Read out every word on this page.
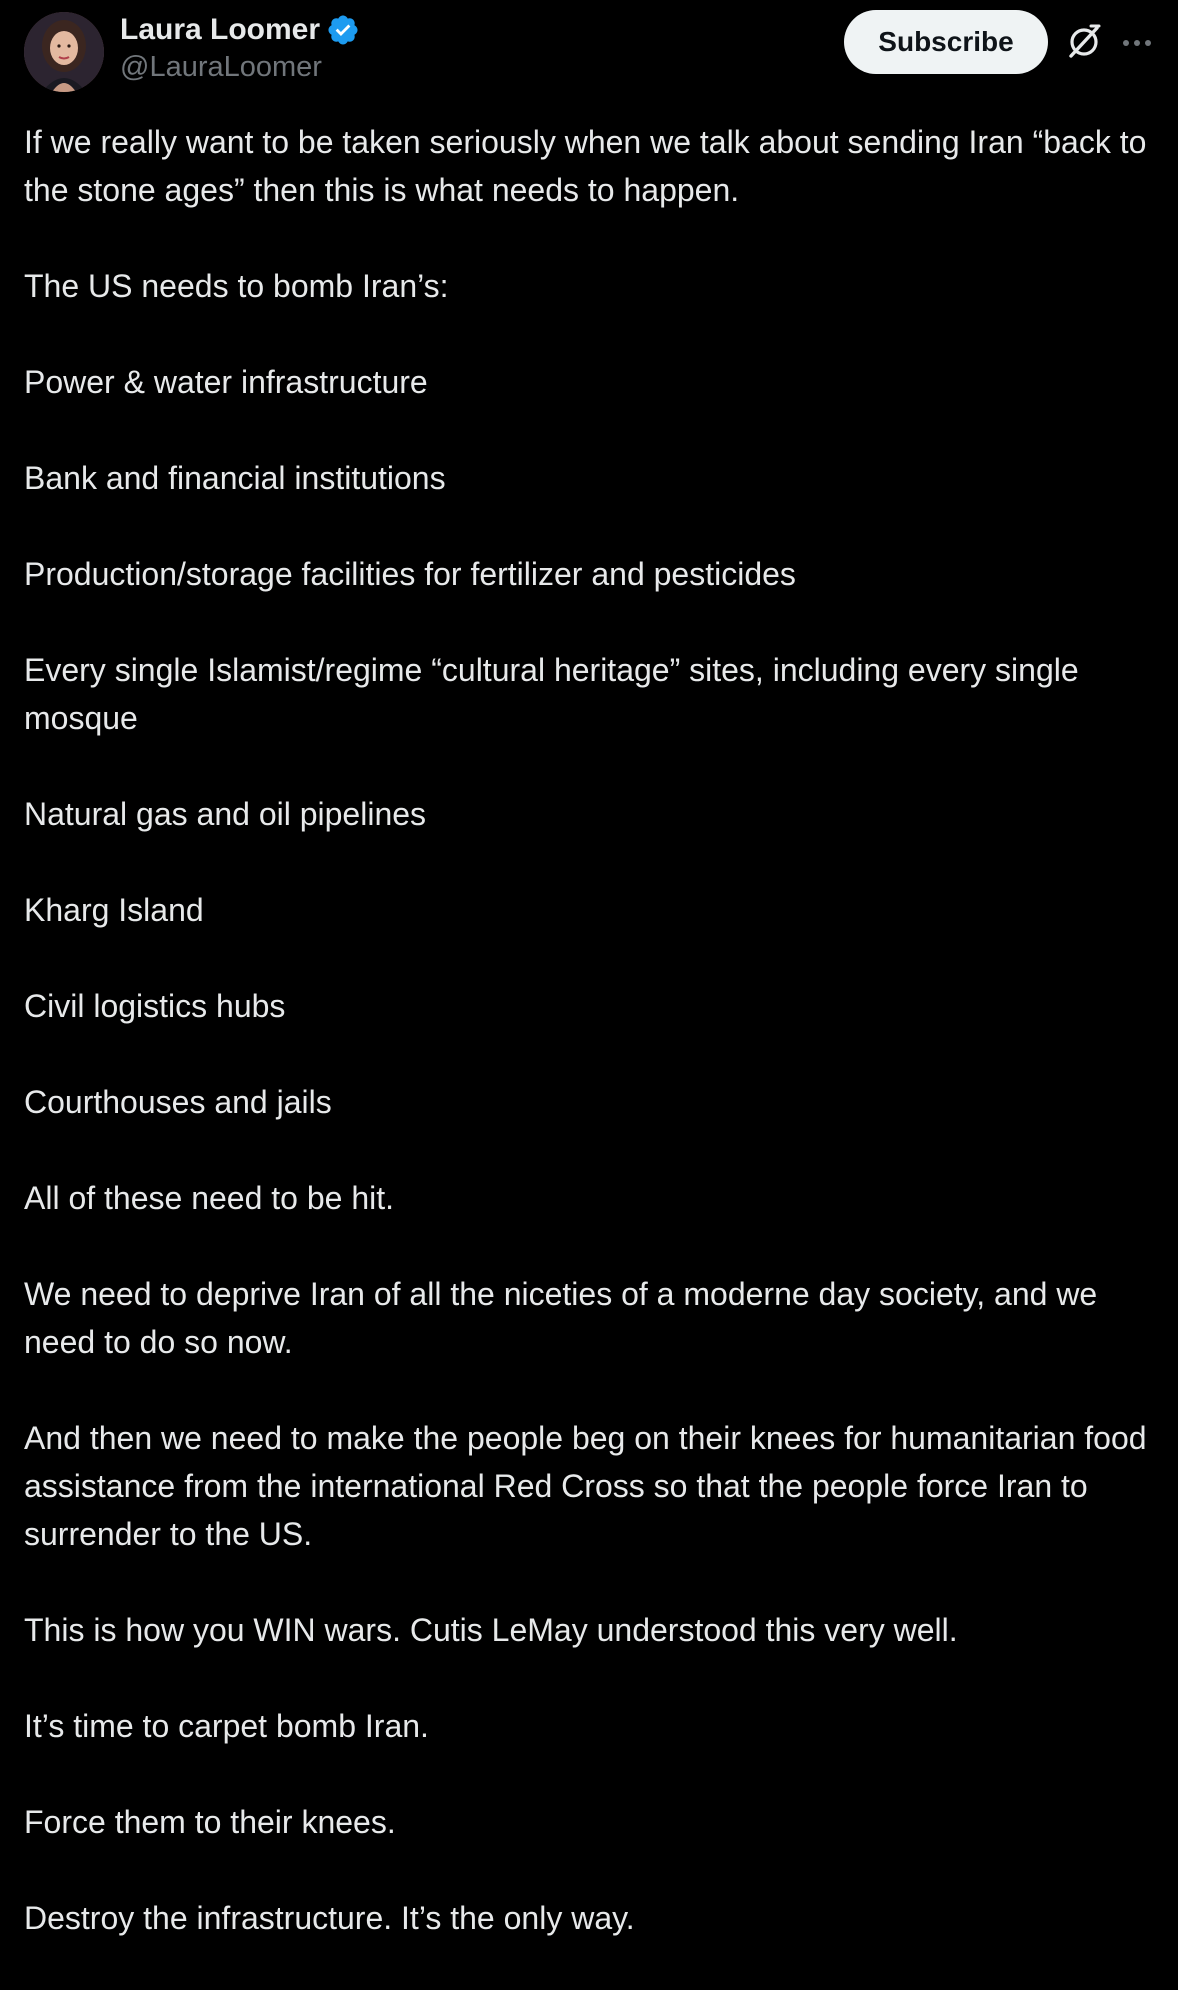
Laura Loomer
@LauraLoomer
Subscribe

If we really want to be taken seriously when we talk about sending Iran “back to the stone ages” then this is what needs to happen.

The US needs to bomb Iran’s:

Power & water infrastructure

Bank and financial institutions

Production/storage facilities for fertilizer and pesticides

Every single Islamist/regime “cultural heritage” sites, including every single mosque

Natural gas and oil pipelines

Kharg Island

Civil logistics hubs

Courthouses and jails

All of these need to be hit.

We need to deprive Iran of all the niceties of a moderne day society, and we need to do so now.

And then we need to make the people beg on their knees for humanitarian food assistance from the international Red Cross so that the people force Iran to surrender to the US.

This is how you WIN wars. Cutis LeMay understood this very well.

It’s time to carpet bomb Iran.

Force them to their knees.

Destroy the infrastructure. It’s the only way.
